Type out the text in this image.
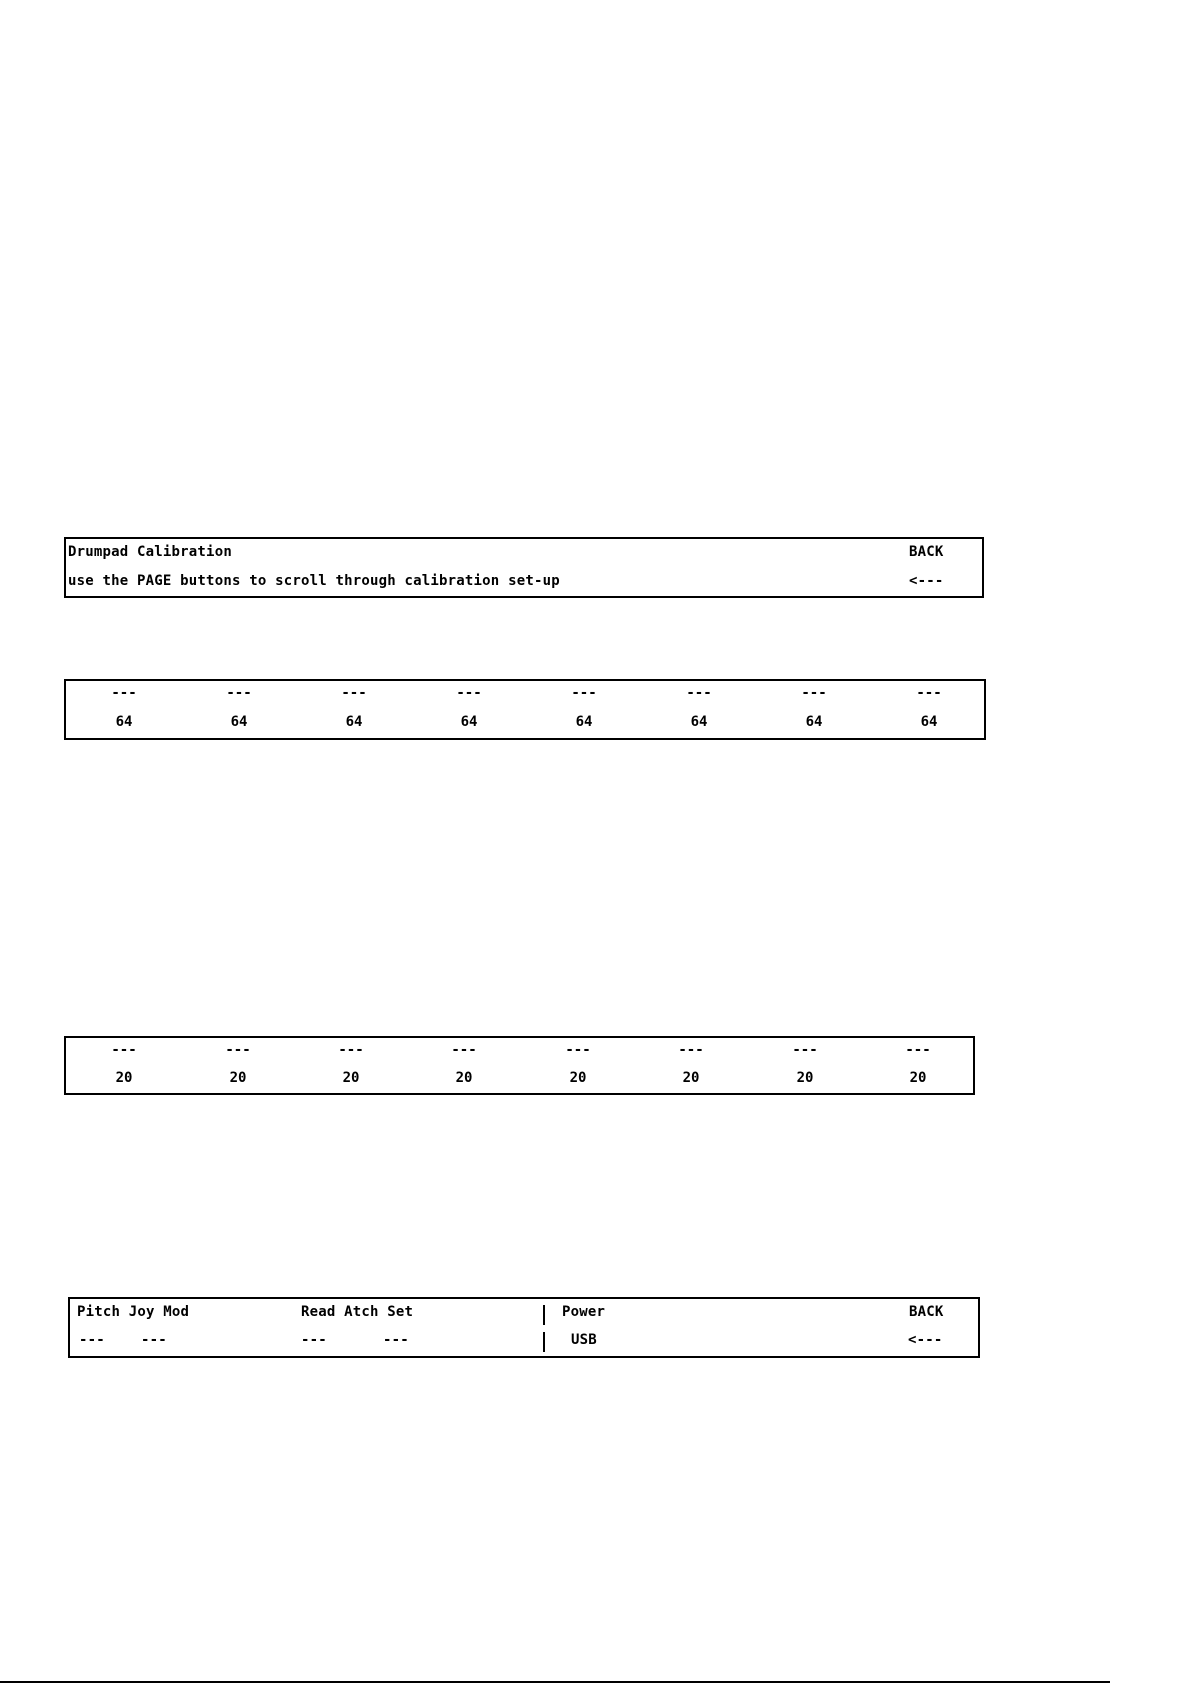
Drumpad Calibration	BACK
use the PAGE buttons to scroll through calibration set-up	<---
---	---	---	---	---	---	---	---
64	64	64	64	64	64	64	64
---	---	---	---	---	---	---	---
20	20	20	20	20	20	20	20
Pitch Joy Mod	Read Atch Set	Power	BACK
---	---	---	---	USB	<---
